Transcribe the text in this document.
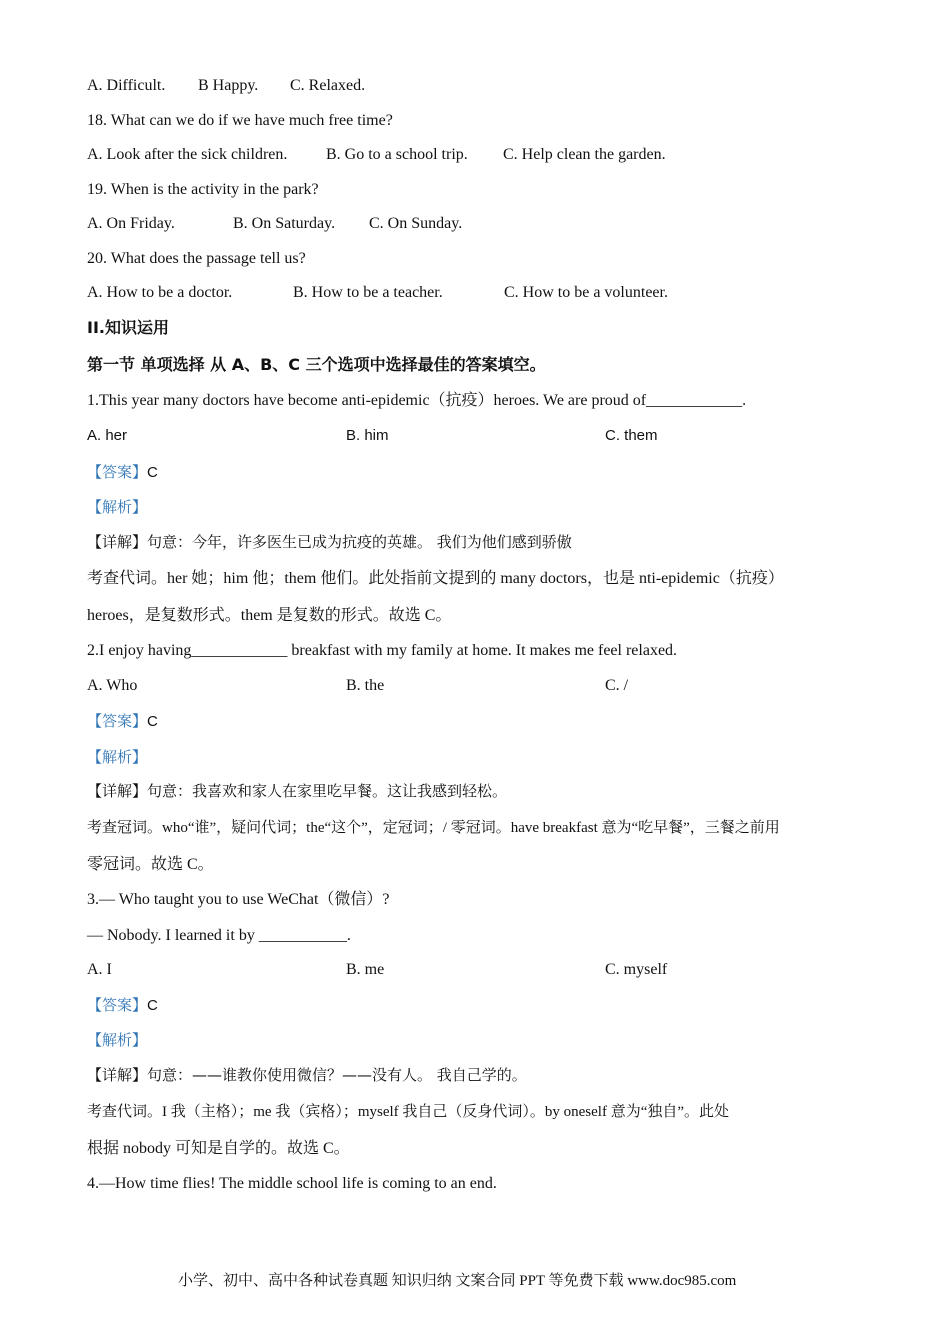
A. Difficult. B Happy. C. Relaxed.
18. What can we do if we have much free time?
A. Look after the sick children. B. Go to a school trip. C. Help clean the garden.
19. When is the activity in the park?
A. On Friday.	B. On Saturday. C. On Sunday.
20. What does the passage tell us?
A. How to be a doctor.	B. How to be a teacher.	C. How to be a volunteer.
II.知识运用
第一节 单项选择 从 A、B、C 三个选项中选择最佳的答案填空。
1.This year many doctors have become anti-epidemic（抗疫）heroes. We are proud of____________.
A. her	B. him	C. them
【答案】C
【解析】
【详解】句意：今年，许多医生已成为抗疫的英雄。 我们为他们感到骄傲
考查代词。her 她；him 他；them 他们。此处指前文提到的 many doctors，也是 nti-epidemic（抗疫）
heroes，是复数形式。them 是复数的形式。故选 C。
2.I enjoy having____________ breakfast with my family at home. It makes me feel relaxed.
A. Who	B. the	C. /
【答案】C
【解析】
【详解】句意：我喜欢和家人在家里吃早餐。这让我感到轻松。
考查冠词。who“谁”，疑问代词；the“这个”，定冠词；/ 零冠词。have breakfast 意为“吃早餐”，三餐之前用
零冠词。故选 C。
3.— Who taught you to use WeChat（微信）?
— Nobody. I learned it by ___________.
A. I	B. me	C. myself
【答案】C
【解析】
【详解】句意：——谁教你使用微信？——没有人。 我自己学的。
考查代词。I 我（主格）；me 我（宾格）；myself 我自己（反身代词）。by oneself 意为“独自”。此处
根据 nobody 可知是自学的。故选 C。
4.—How time flies! The middle school life is coming to an end.
小学、初中、高中各种试卷真题 知识归纳 文案合同 PPT 等免费下载 www.doc985.com
